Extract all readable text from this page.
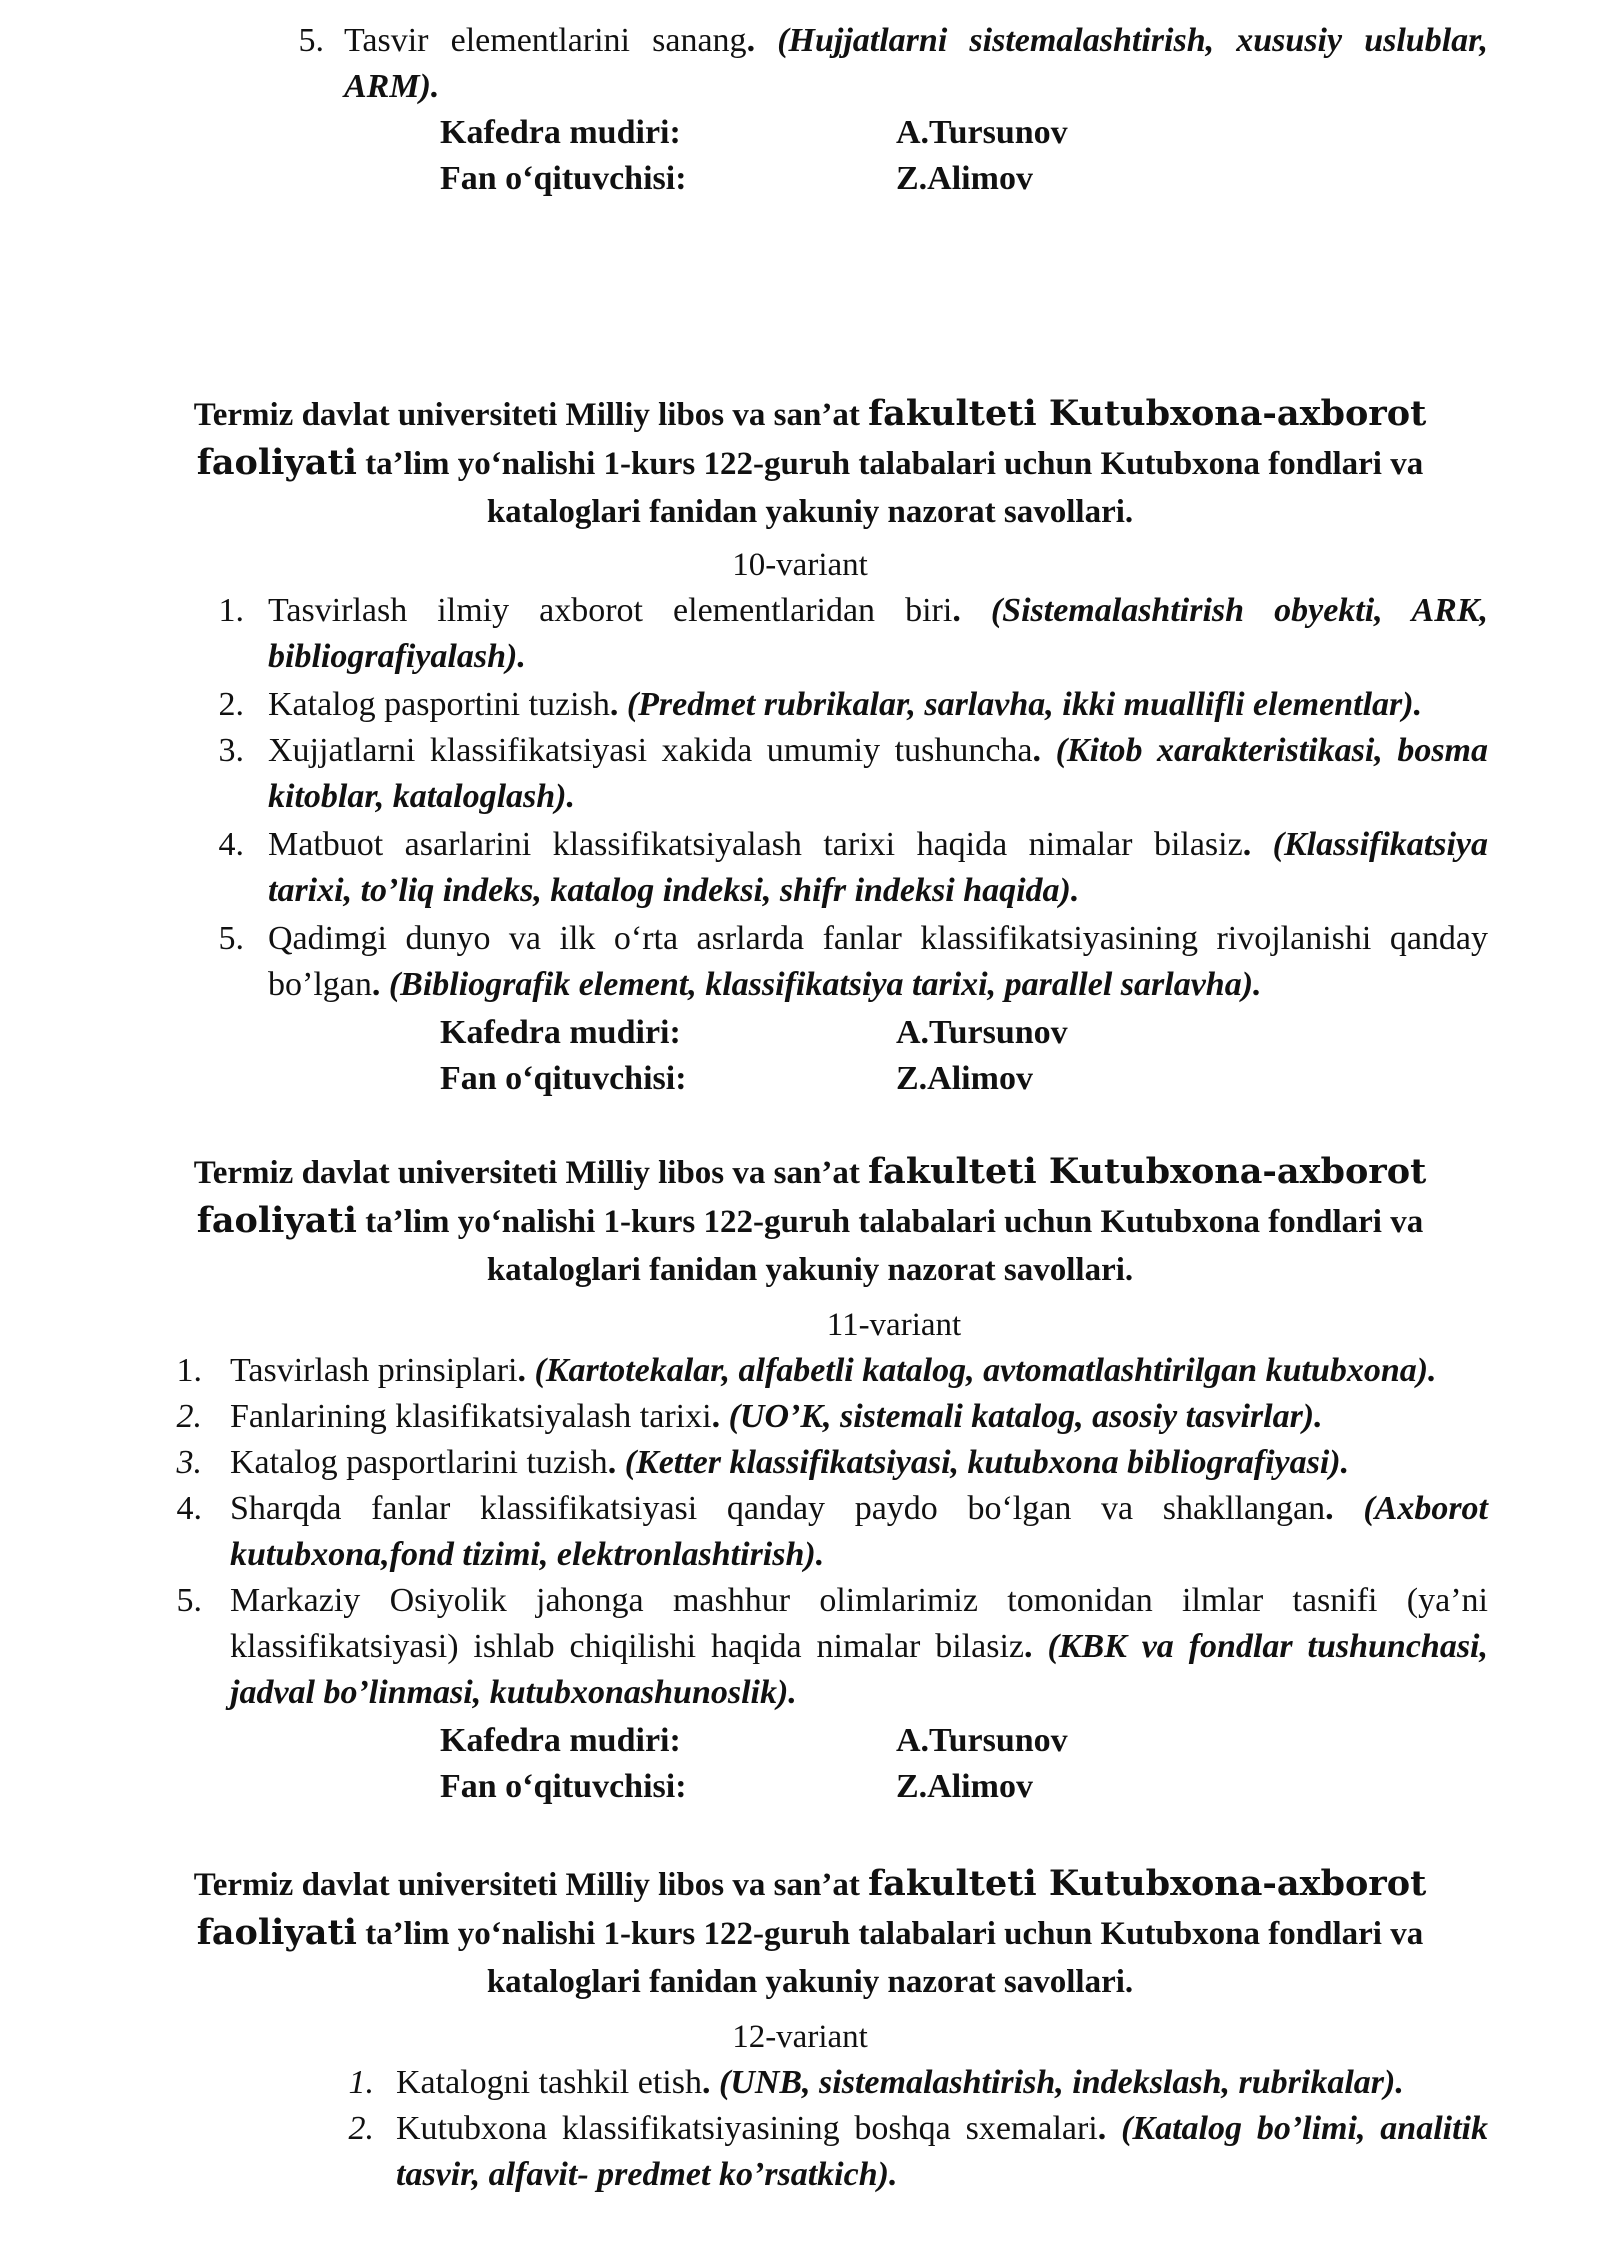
5. Tasvir elementlarini sanang. (Hujjatlarni sistemalashtirish, xususiy uslublar, ARM).
Kafedra mudiri:	A.Tursunov
Fan o‘qituvchisi:	Z.Alimov
Termiz davlat universiteti Milliy libos va san’at fakulteti Kutubxona-axborot
faoliyati ta’lim yo‘nalishi 1-kurs 122-guruh talabalari uchun Kutubxona fondlari va
kataloglari fanidan yakuniy nazorat savollari.
10-variant
1. Tasvirlash ilmiy axborot elementlaridan biri. (Sistemalashtirish obyekti, ARK, bibliografiyalash).
2. Katalog pasportini tuzish. (Predmet rubrikalar, sarlavha, ikki muallifli elementlar).
3. Xujjatlarni klassifikatsiyasi xakida umumiy tushuncha. (Kitob xarakteristikasi, bosma kitoblar, kataloglash).
4. Matbuot asarlarini klassifikatsiyalash tarixi haqida nimalar bilasiz. (Klassifikatsiya tarixi, to’liq indeks, katalog indeksi, shifr indeksi haqida).
5. Qadimgi dunyo va ilk o‘rta asrlarda fanlar klassifikatsiyasining rivojlanishi qanday bo’lgan. (Bibliografik element, klassifikatsiya tarixi, parallel sarlavha).
Kafedra mudiri:	A.Tursunov
Fan o‘qituvchisi:	Z.Alimov
Termiz davlat universiteti Milliy libos va san’at fakulteti Kutubxona-axborot
faoliyati ta’lim yo‘nalishi 1-kurs 122-guruh talabalari uchun Kutubxona fondlari va
kataloglari fanidan yakuniy nazorat savollari.
11-variant
1. Tasvirlash prinsiplari. (Kartotekalar, alfabetli katalog, avtomatlashtirilgan kutubxona).
2. Fanlarining klasifikatsiyalash tarixi. (UO’K, sistemali katalog, asosiy tasvirlar).
3. Katalog pasportlarini tuzish. (Ketter klassifikatsiyasi, kutubxona bibliografiyasi).
4. Sharqda fanlar klassifikatsiyasi qanday paydo bo‘lgan va shakllangan. (Axborot kutubxona,fond tizimi, elektronlashtirish).
5. Markaziy Osiyolik jahonga mashhur olimlarimiz tomonidan ilmlar tasnifi (ya’ni klassifikatsiyasi) ishlab chiqilishi haqida nimalar bilasiz. (KBK va fondlar tushunchasi, jadval bo’linmasi, kutubxonashunoslik).
Kafedra mudiri:	A.Tursunov
Fan o‘qituvchisi:	Z.Alimov
Termiz davlat universiteti Milliy libos va san’at fakulteti Kutubxona-axborot
faoliyati ta’lim yo‘nalishi 1-kurs 122-guruh talabalari uchun Kutubxona fondlari va
kataloglari fanidan yakuniy nazorat savollari.
12-variant
1. Katalogni tashkil etish. (UNB, sistemalashtirish, indekslash, rubrikalar).
2. Kutubxona klassifikatsiyasining boshqa sxemalari. (Katalog bo’limi, analitik tasvir, alfavit- predmet ko’rsatkich).
